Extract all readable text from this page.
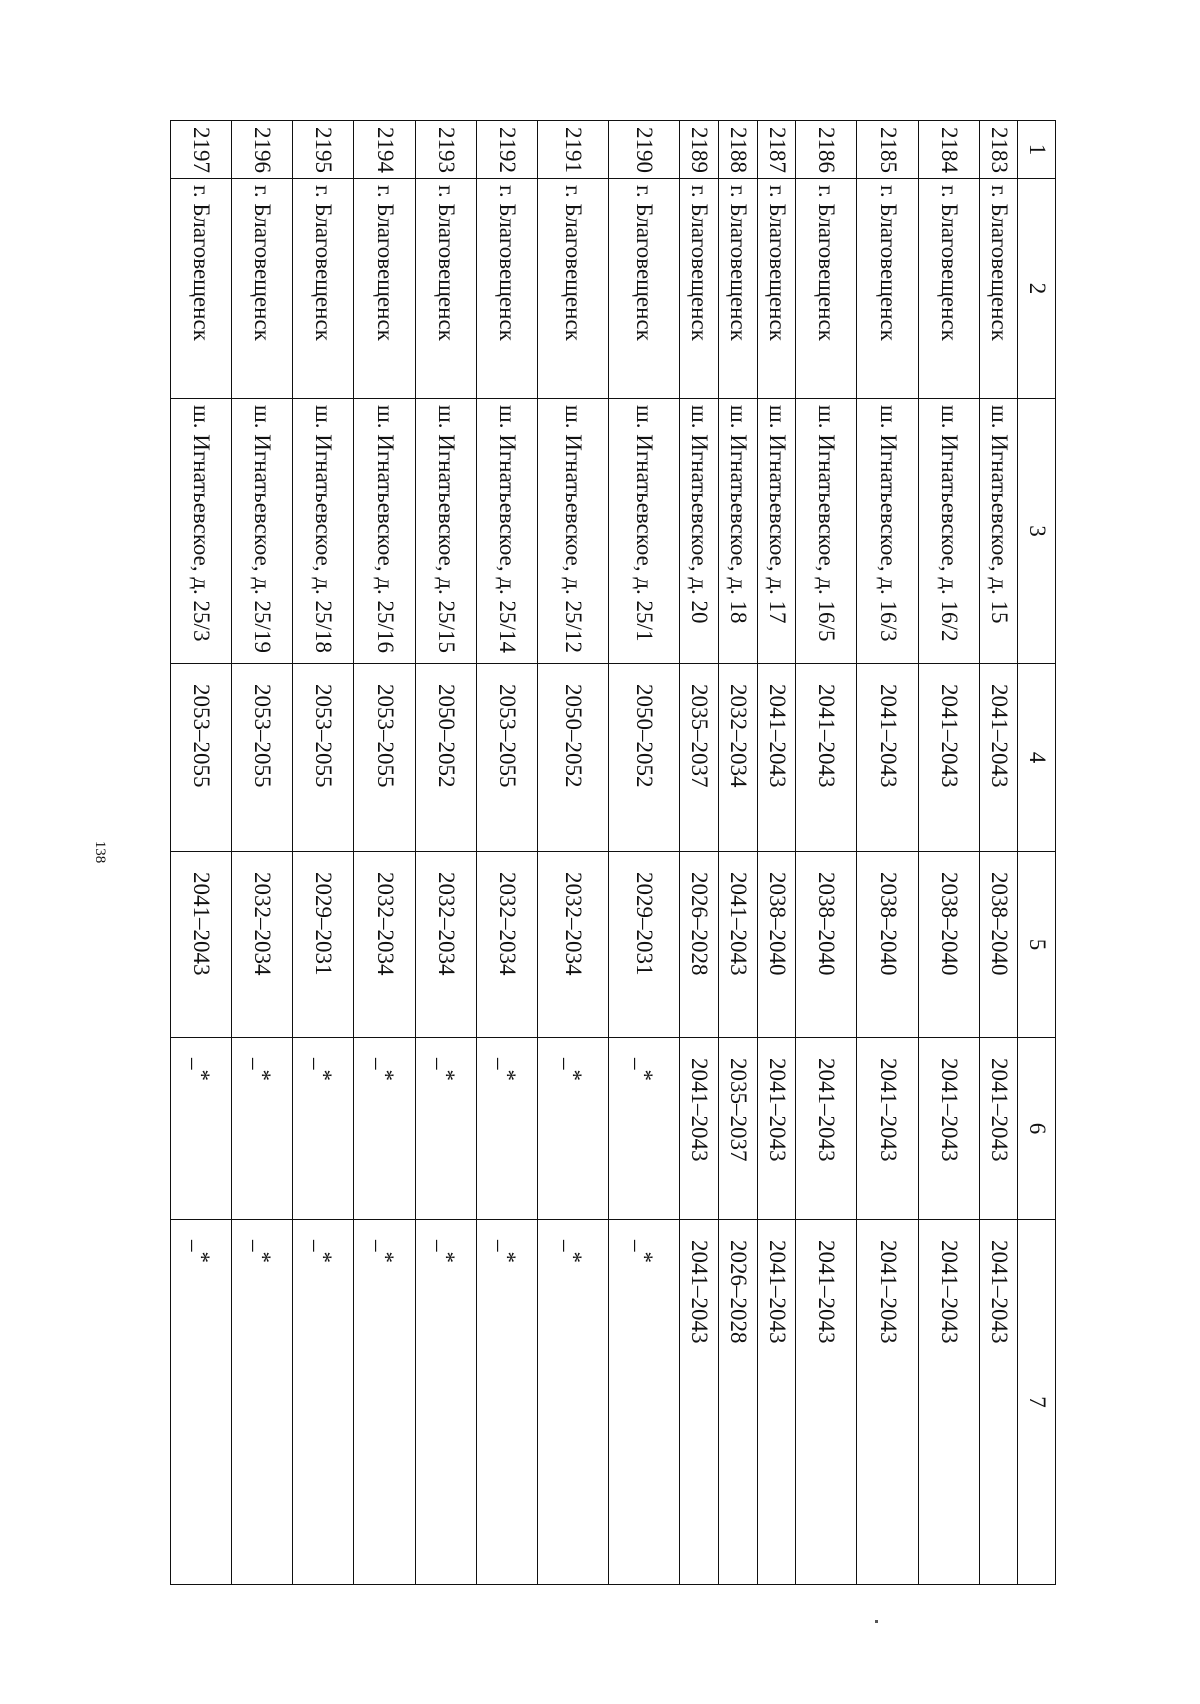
138
1	2	3	4	5	6	7
2183	г. Благовещенск	ш. Игнатьевское, д. 15	2041–2043	2038–2040	2041–2043	2041–2043
2184	г. Благовещенск	ш. Игнатьевское, д. 16/2	2041–2043	2038–2040	2041–2043	2041–2043
2185	г. Благовещенск	ш. Игнатьевское, д. 16/3	2041–2043	2038–2040	2041–2043	2041–2043
2186	г. Благовещенск	ш. Игнатьевское, д. 16/5	2041–2043	2038–2040	2041–2043	2041–2043
2187	г. Благовещенск	ш. Игнатьевское, д. 17	2041–2043	2038–2040	2041–2043	2041–2043
2188	г. Благовещенск	ш. Игнатьевское, д. 18	2032–2034	2041–2043	2035–2037	2026–2028
2189	г. Благовещенск	ш. Игнатьевское, д. 20	2035–2037	2026–2028	2041–2043	2041–2043
2190	г. Благовещенск	ш. Игнатьевское, д. 25/1	2050–2052	2029–2031	_*	_*
2191	г. Благовещенск	ш. Игнатьевское, д. 25/12	2050–2052	2032–2034	_*	_*
2192	г. Благовещенск	ш. Игнатьевское, д. 25/14	2053–2055	2032–2034	_*	_*
2193	г. Благовещенск	ш. Игнатьевское, д. 25/15	2050–2052	2032–2034	_*	_*
2194	г. Благовещенск	ш. Игнатьевское, д. 25/16	2053–2055	2032–2034	_*	_*
2195	г. Благовещенск	ш. Игнатьевское, д. 25/18	2053–2055	2029–2031	_*	_*
2196	г. Благовещенск	ш. Игнатьевское, д. 25/19	2053–2055	2032–2034	_*	_*
2197	г. Благовещенск	ш. Игнатьевское, д. 25/3	2053–2055	2041–2043	_*	_*
